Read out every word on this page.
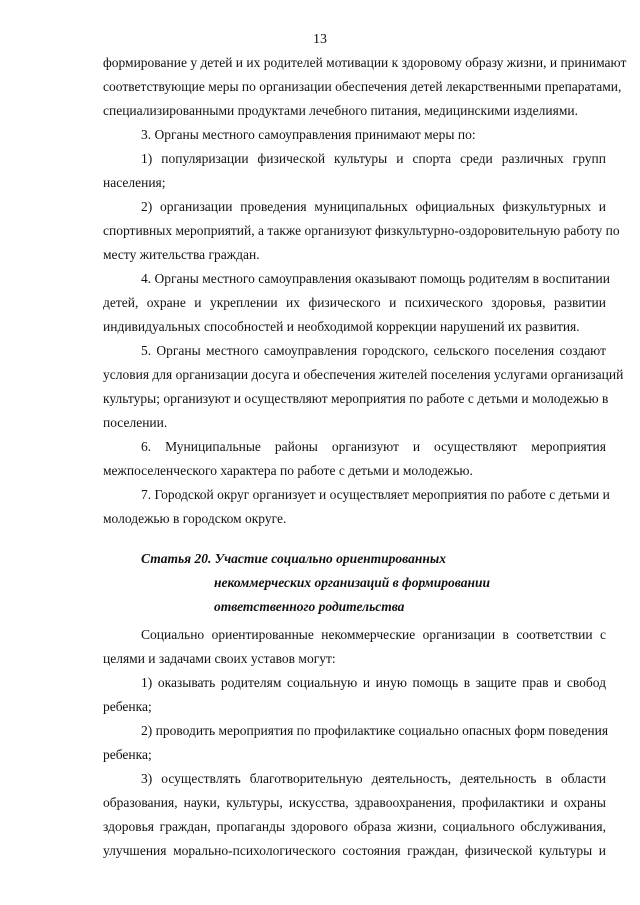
13
формирование у детей и их родителей мотивации к здоровому образу жизни, и принимают
соответствующие меры по организации обеспечения детей лекарственными препаратами,
специализированными продуктами лечебного питания, медицинскими изделиями.
3. Органы местного самоуправления принимают меры по:
1) популяризации физической культуры и спорта среди различных групп
населения;
2) организации проведения муниципальных официальных физкультурных и
спортивных мероприятий, а также организуют физкультурно-оздоровительную работу по
месту жительства граждан.
4. Органы местного самоуправления оказывают помощь родителям в воспитании
детей, охране и укреплении их физического и психического здоровья, развитии
индивидуальных способностей и необходимой коррекции нарушений их развития.
5. Органы местного самоуправления городского, сельского поселения создают
условия для организации досуга и обеспечения жителей поселения услугами организаций
культуры; организуют и осуществляют мероприятия по работе с детьми и молодежью в
поселении.
6. Муниципальные районы организуют и осуществляют мероприятия
межпоселенческого характера по работе с детьми и молодежью.
7. Городской округ организует и осуществляет мероприятия по работе с детьми и
молодежью в городском округе.
Статья 20. Участие социально ориентированных
некоммерческих организаций в формировании
ответственного родительства
Социально ориентированные некоммерческие организации в соответствии с
целями и задачами своих уставов могут:
1) оказывать родителям социальную и иную помощь в защите прав и свобод
ребенка;
2) проводить мероприятия по профилактике социально опасных форм поведения
ребенка;
3) осуществлять благотворительную деятельность, деятельность в области
образования, науки, культуры, искусства, здравоохранения, профилактики и охраны
здоровья граждан, пропаганды здорового образа жизни, социального обслуживания,
улучшения морально-психологического состояния граждан, физической культуры и
